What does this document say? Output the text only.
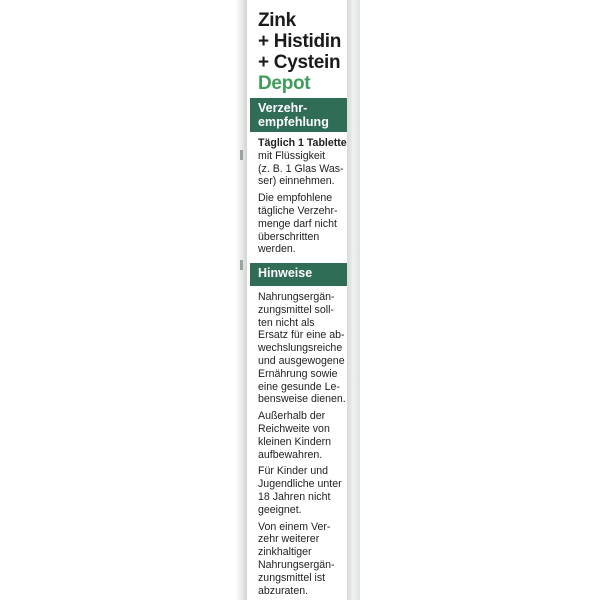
Zink
+ Histidin
+ Cystein
Depot
Verzehr-
empfehlung

Täglich 1 Tablette

mit Flüssigkeit
(z. B. 1 Glas Was-
ser) einnehmen.

Die empfohlene
tägliche Verzehr-
menge darf nicht
überschritten
werden.

Hinweise

Nahrungsergän-
zungsmittel soll-
ten nicht als
Ersatz für eine ab-
wechslungsreiche
und ausgewogene
Ernährung sowie
eine gesunde Le-
bensweise dienen.

Außerhalb der
Reichweite von
kleinen Kindern
aufbewahren.

Für Kinder und
Jugendliche unter
18 Jahren nicht
geeignet.

Von einem Ver-
zehr weiterer
zinkhaltiger
Nahrungsergän-
zungsmittel ist
abzuraten.
